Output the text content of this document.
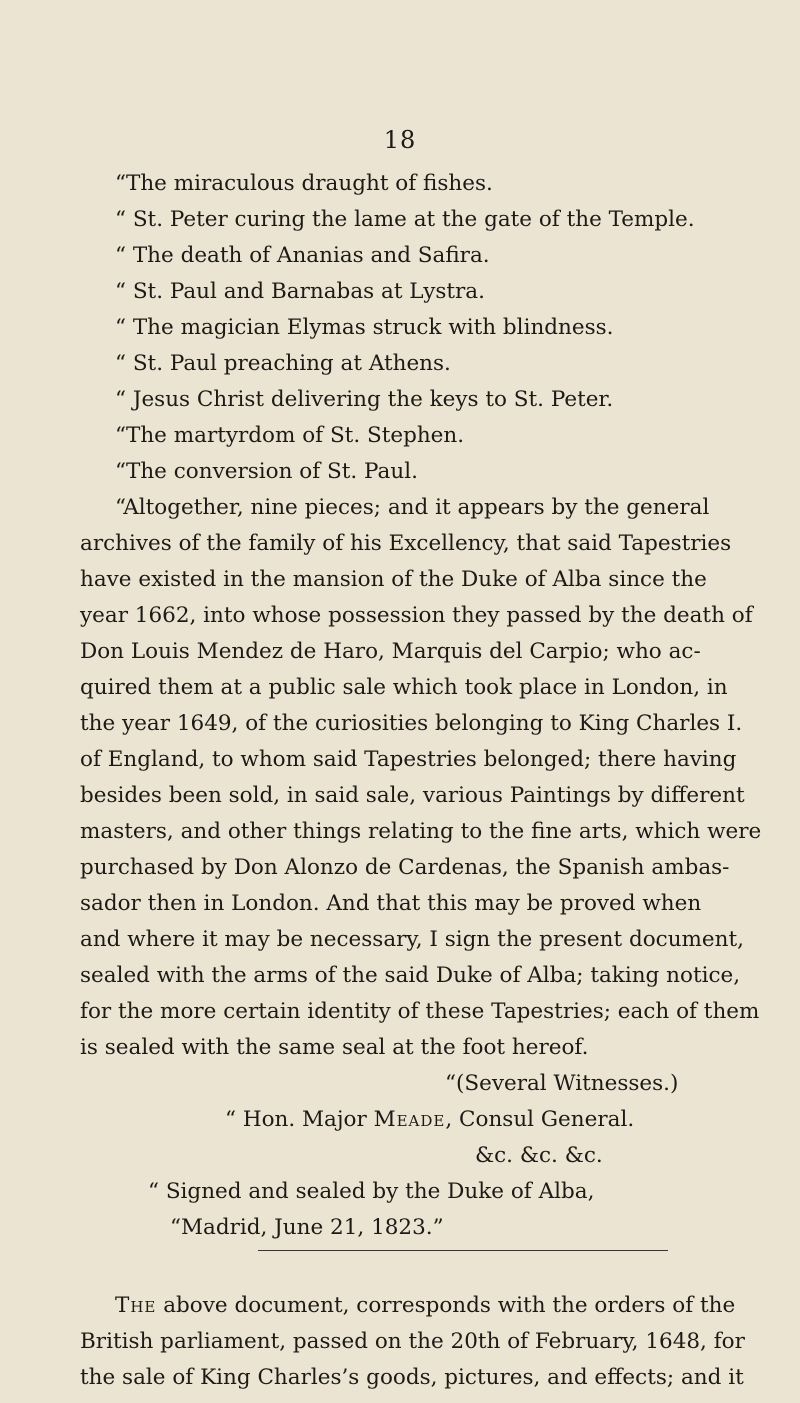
18
“The miraculous draught of fishes.
“ St. Peter curing the lame at the gate of the Temple.
“ The death of Ananias and Safira.
“ St. Paul and Barnabas at Lystra.
“ The magician Elymas struck with blindness.
“ St. Paul preaching at Athens.
“ Jesus Christ delivering the keys to St. Peter.
“The martyrdom of St. Stephen.
“The conversion of St. Paul.
“Altogether, nine pieces; and it appears by the general
archives of the family of his Excellency, that said Tapestries
have existed in the mansion of the Duke of Alba since the
year 1662, into whose possession they passed by the death of
Don Louis Mendez de Haro, Marquis del Carpio; who ac-
quired them at a public sale which took place in London, in
the year 1649, of the curiosities belonging to King Charles I.
of England, to whom said Tapestries belonged; there having
besides been sold, in said sale, various Paintings by different
masters, and other things relating to the fine arts, which were
purchased by Don Alonzo de Cardenas, the Spanish ambas-
sador then in London. And that this may be proved when
and where it may be necessary, I sign the present document,
sealed with the arms of the said Duke of Alba; taking notice,
for the more certain identity of these Tapestries; each of them
is sealed with the same seal at the foot hereof.
“(Several Witnesses.)
“ Hon. Major Meade, Consul General.
&c. &c. &c.
“ Signed and sealed by the Duke of Alba,
“Madrid, June 21, 1823.”
The above document, corresponds with the orders of the
British parliament, passed on the 20th of February, 1648, for
the sale of King Charles’s goods, pictures, and effects; and it
